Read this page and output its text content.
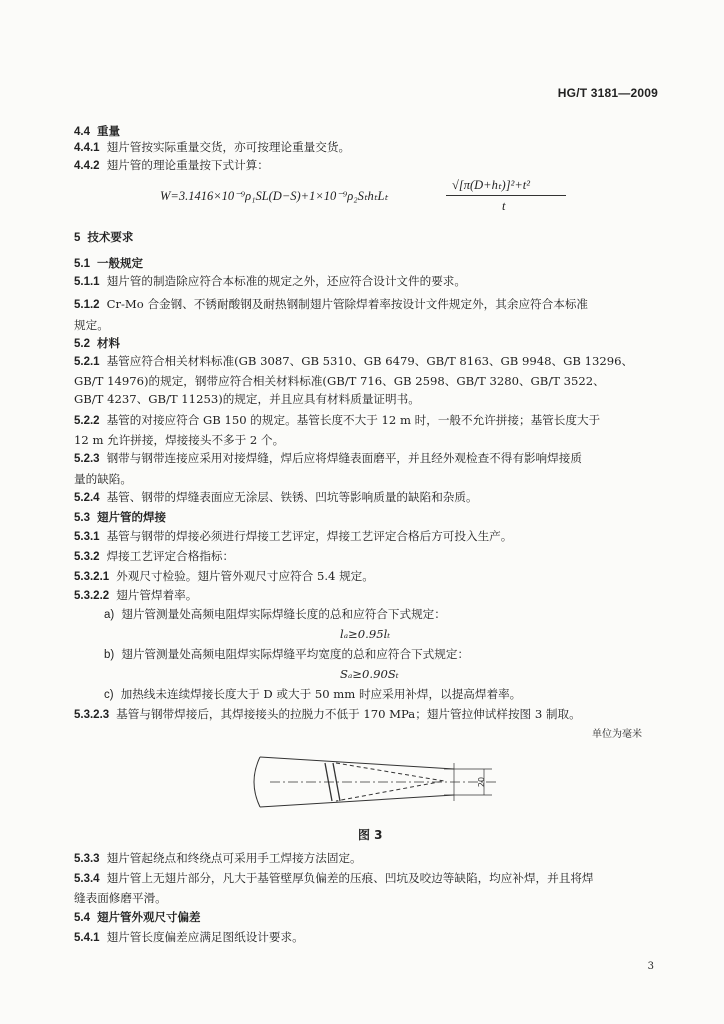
HG/T 3181—2009
4.4 重量
4.4.1 翅片管按实际重量交货，亦可按理论重量交货。
4.4.2 翅片管的理论重量按下式计算：
W=3.1416×10⁻⁹ρ₁SL(D−S)+1×10⁻⁹ρ₂SₜhₜLₜ
√[π(D+hₜ)]²+t²
t
5 技术要求
5.1 一般规定
5.1.1 翅片管的制造除应符合本标准的规定之外，还应符合设计文件的要求。
5.1.2 Cr-Mo 合金钢、不锈耐酸钢及耐热钢制翅片管除焊着率按设计文件规定外，其余应符合本标准
规定。
5.2 材料
5.2.1 基管应符合相关材料标准(GB 3087、GB 5310、GB 6479、GB/T 8163、GB 9948、GB 13296、
GB/T 14976)的规定，钢带应符合相关材料标准(GB/T 716、GB 2598、GB/T 3280、GB/T 3522、
GB/T 4237、GB/T 11253)的规定，并且应具有材料质量证明书。
5.2.2 基管的对接应符合 GB 150 的规定。基管长度不大于 12 m 时，一般不允许拼接；基管长度大于
12 m 允许拼接，焊接接头不多于 2 个。
5.2.3 钢带与钢带连接应采用对接焊缝，焊后应将焊缝表面磨平，并且经外观检查不得有影响焊接质
量的缺陷。
5.2.4 基管、钢带的焊缝表面应无涂层、铁锈、凹坑等影响质量的缺陷和杂质。
5.3 翅片管的焊接
5.3.1 基管与钢带的焊接必须进行焊接工艺评定，焊接工艺评定合格后方可投入生产。
5.3.2 焊接工艺评定合格指标：
5.3.2.1 外观尺寸检验。翅片管外观尺寸应符合 5.4 规定。
5.3.2.2 翅片管焊着率。
a) 翅片管测量处高频电阻焊实际焊缝长度的总和应符合下式规定：
lₐ≥0.95lₜ
b) 翅片管测量处高频电阻焊实际焊缝平均宽度的总和应符合下式规定：
Sₐ≥0.90Sₜ
c) 加热线未连续焊接长度大于 D 或大于 50 mm 时应采用补焊，以提高焊着率。
5.3.2.3 基管与钢带焊接后，其焊接接头的拉脱力不低于 170 MPa；翅片管拉伸试样按图 3 制取。
单位为毫米
20
图 3
5.3.3 翅片管起绕点和终绕点可采用手工焊接方法固定。
5.3.4 翅片管上无翅片部分，凡大于基管壁厚负偏差的压痕、凹坑及咬边等缺陷，均应补焊，并且将焊
缝表面修磨平滑。
5.4 翅片管外观尺寸偏差
5.4.1 翅片管长度偏差应满足图纸设计要求。
3
